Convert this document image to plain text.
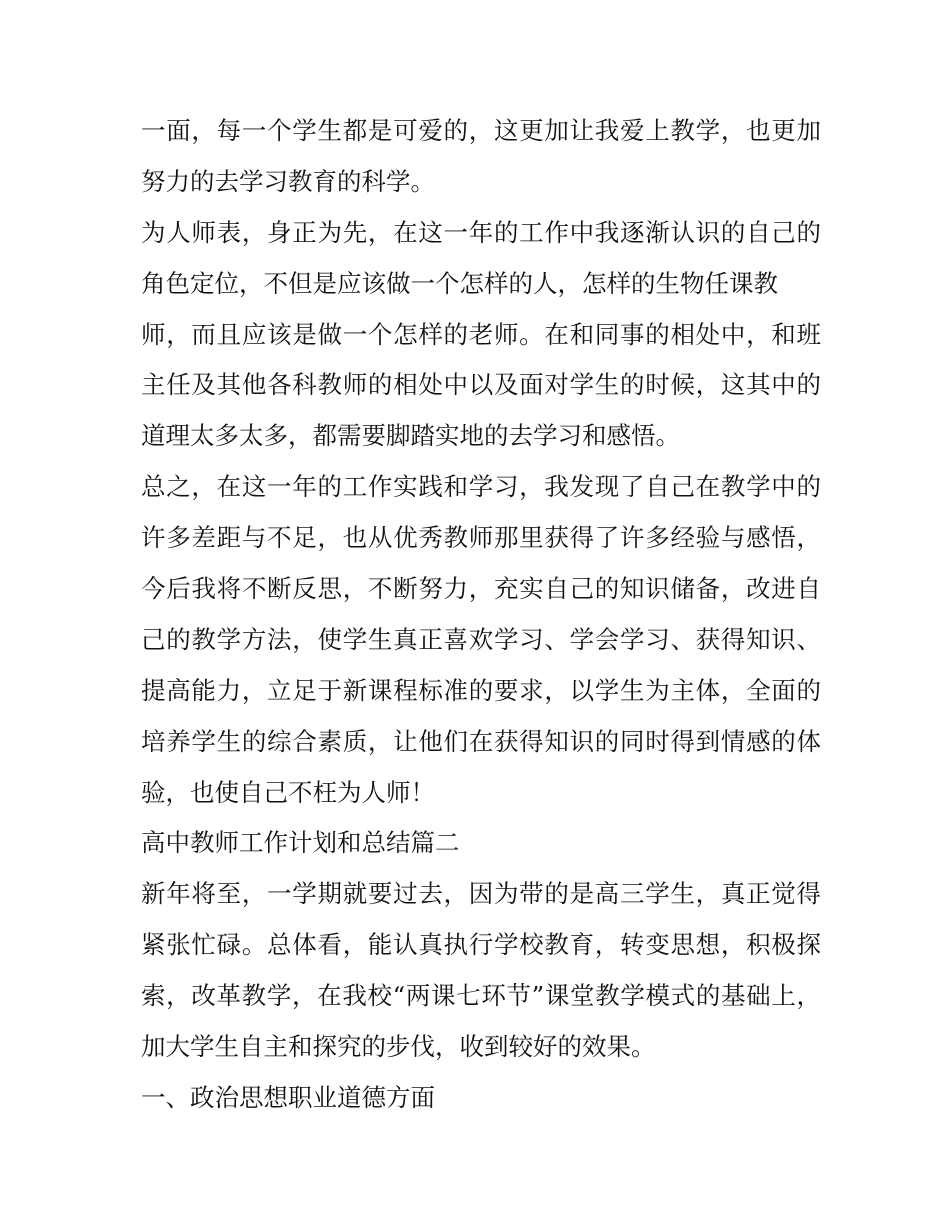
一面，每一个学生都是可爱的，这更加让我爱上教学，也更加
努力的去学习教育的科学。
为人师表，身正为先，在这一年的工作中我逐渐认识的自己的
角色定位，不但是应该做一个怎样的人，怎样的生物任课教
师，而且应该是做一个怎样的老师。在和同事的相处中，和班
主任及其他各科教师的相处中以及面对学生的时候，这其中的
道理太多太多，都需要脚踏实地的去学习和感悟。
总之，在这一年的工作实践和学习，我发现了自己在教学中的
许多差距与不足，也从优秀教师那里获得了许多经验与感悟，
今后我将不断反思，不断努力，充实自己的知识储备，改进自
己的教学方法，使学生真正喜欢学习、学会学习、获得知识、
提高能力，立足于新课程标准的要求，以学生为主体，全面的
培养学生的综合素质，让他们在获得知识的同时得到情感的体
验，也使自己不枉为人师！
高中教师工作计划和总结篇二
新年将至，一学期就要过去，因为带的是高三学生，真正觉得
紧张忙碌。总体看，能认真执行学校教育，转变思想，积极探
索，改革教学，在我校“两课七环节”课堂教学模式的基础上，
加大学生自主和探究的步伐，收到较好的效果。
一、政治思想职业道德方面
